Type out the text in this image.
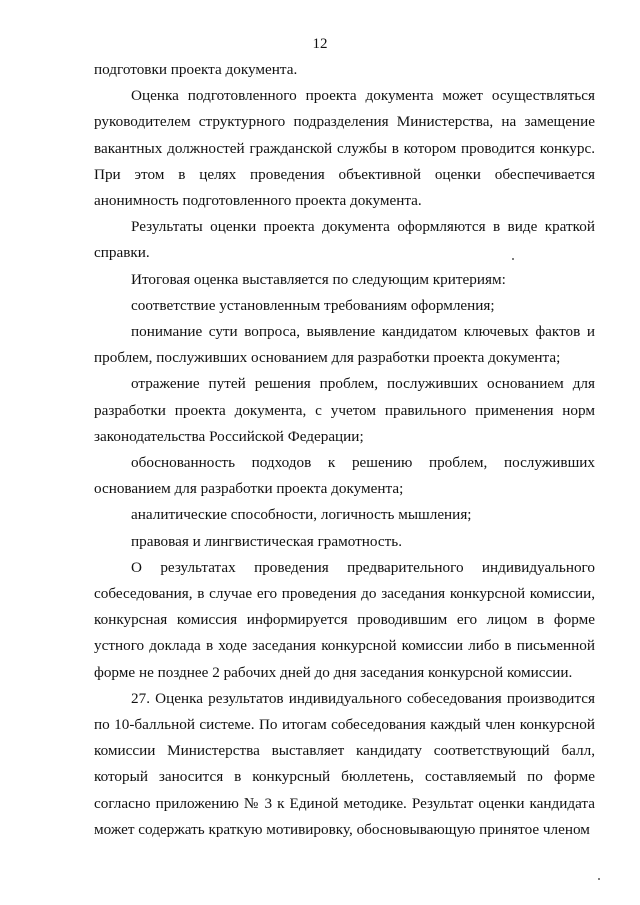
12

подготовки проекта документа.

Оценка подготовленного проекта документа может осуществляться руководителем структурного подразделения Министерства, на замещение вакантных должностей гражданской службы в котором проводится конкурс. При этом в целях проведения объективной оценки обеспечивается анонимность подготовленного проекта документа.

Результаты оценки проекта документа оформляются в виде краткой справки.

Итоговая оценка выставляется по следующим критериям:

соответствие установленным требованиям оформления;

понимание сути вопроса, выявление кандидатом ключевых фактов и проблем, послуживших основанием для разработки проекта документа;

отражение путей решения проблем, послуживших основанием для разработки проекта документа, с учетом правильного применения норм законодательства Российской Федерации;

обоснованность подходов к решению проблем, послуживших основанием для разработки проекта документа;

аналитические способности, логичность мышления;

правовая и лингвистическая грамотность.

О результатах проведения предварительного индивидуального собеседования, в случае его проведения до заседания конкурсной комиссии, конкурсная комиссия информируется проводившим его лицом в форме устного доклада в ходе заседания конкурсной комиссии либо в письменной форме не позднее 2 рабочих дней до дня заседания конкурсной комиссии.

27. Оценка результатов индивидуального собеседования производится по 10-балльной системе. По итогам собеседования каждый член конкурсной комиссии Министерства выставляет кандидату соответствующий балл, который заносится в конкурсный бюллетень, составляемый по форме согласно приложению № 3 к Единой методике. Результат оценки кандидата может содержать краткую мотивировку, обосновывающую принятое членом
